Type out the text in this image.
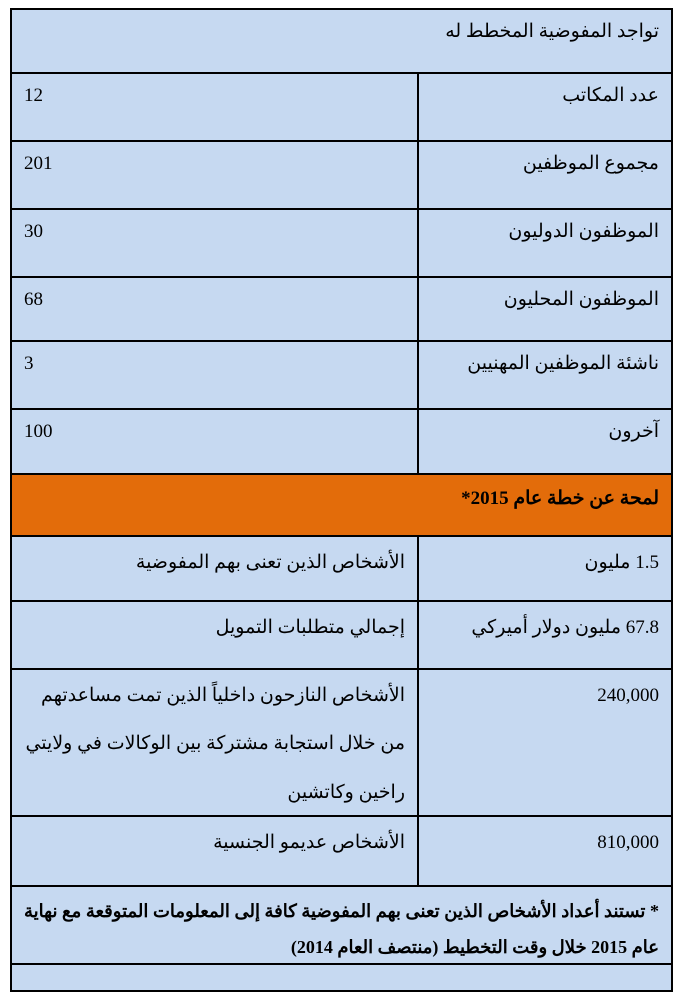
تواجد المفوضية المخطط له
عدد المكاتب
12
مجموع الموظفين
201
الموظفون الدوليون
30
الموظفون المحليون
68
ناشئة الموظفين المهنيين
3
آخرون
100
لمحة عن خطة عام 2015*
1.5 مليون
الأشخاص الذين تعنى بهم المفوضية
67.8 مليون دولار أميركي
إجمالي متطلبات التمويل
240,000
الأشخاص النازحون داخلياً الذين تمت مساعدتهم من خلال استجابة مشتركة بين الوكالات في ولايتي راخين وكاتشين
810,000
الأشخاص عديمو الجنسية
* تستند أعداد الأشخاص الذين تعنى بهم المفوضية كافة إلى المعلومات المتوقعة مع نهاية عام 2015 خلال وقت التخطيط (منتصف العام 2014)
